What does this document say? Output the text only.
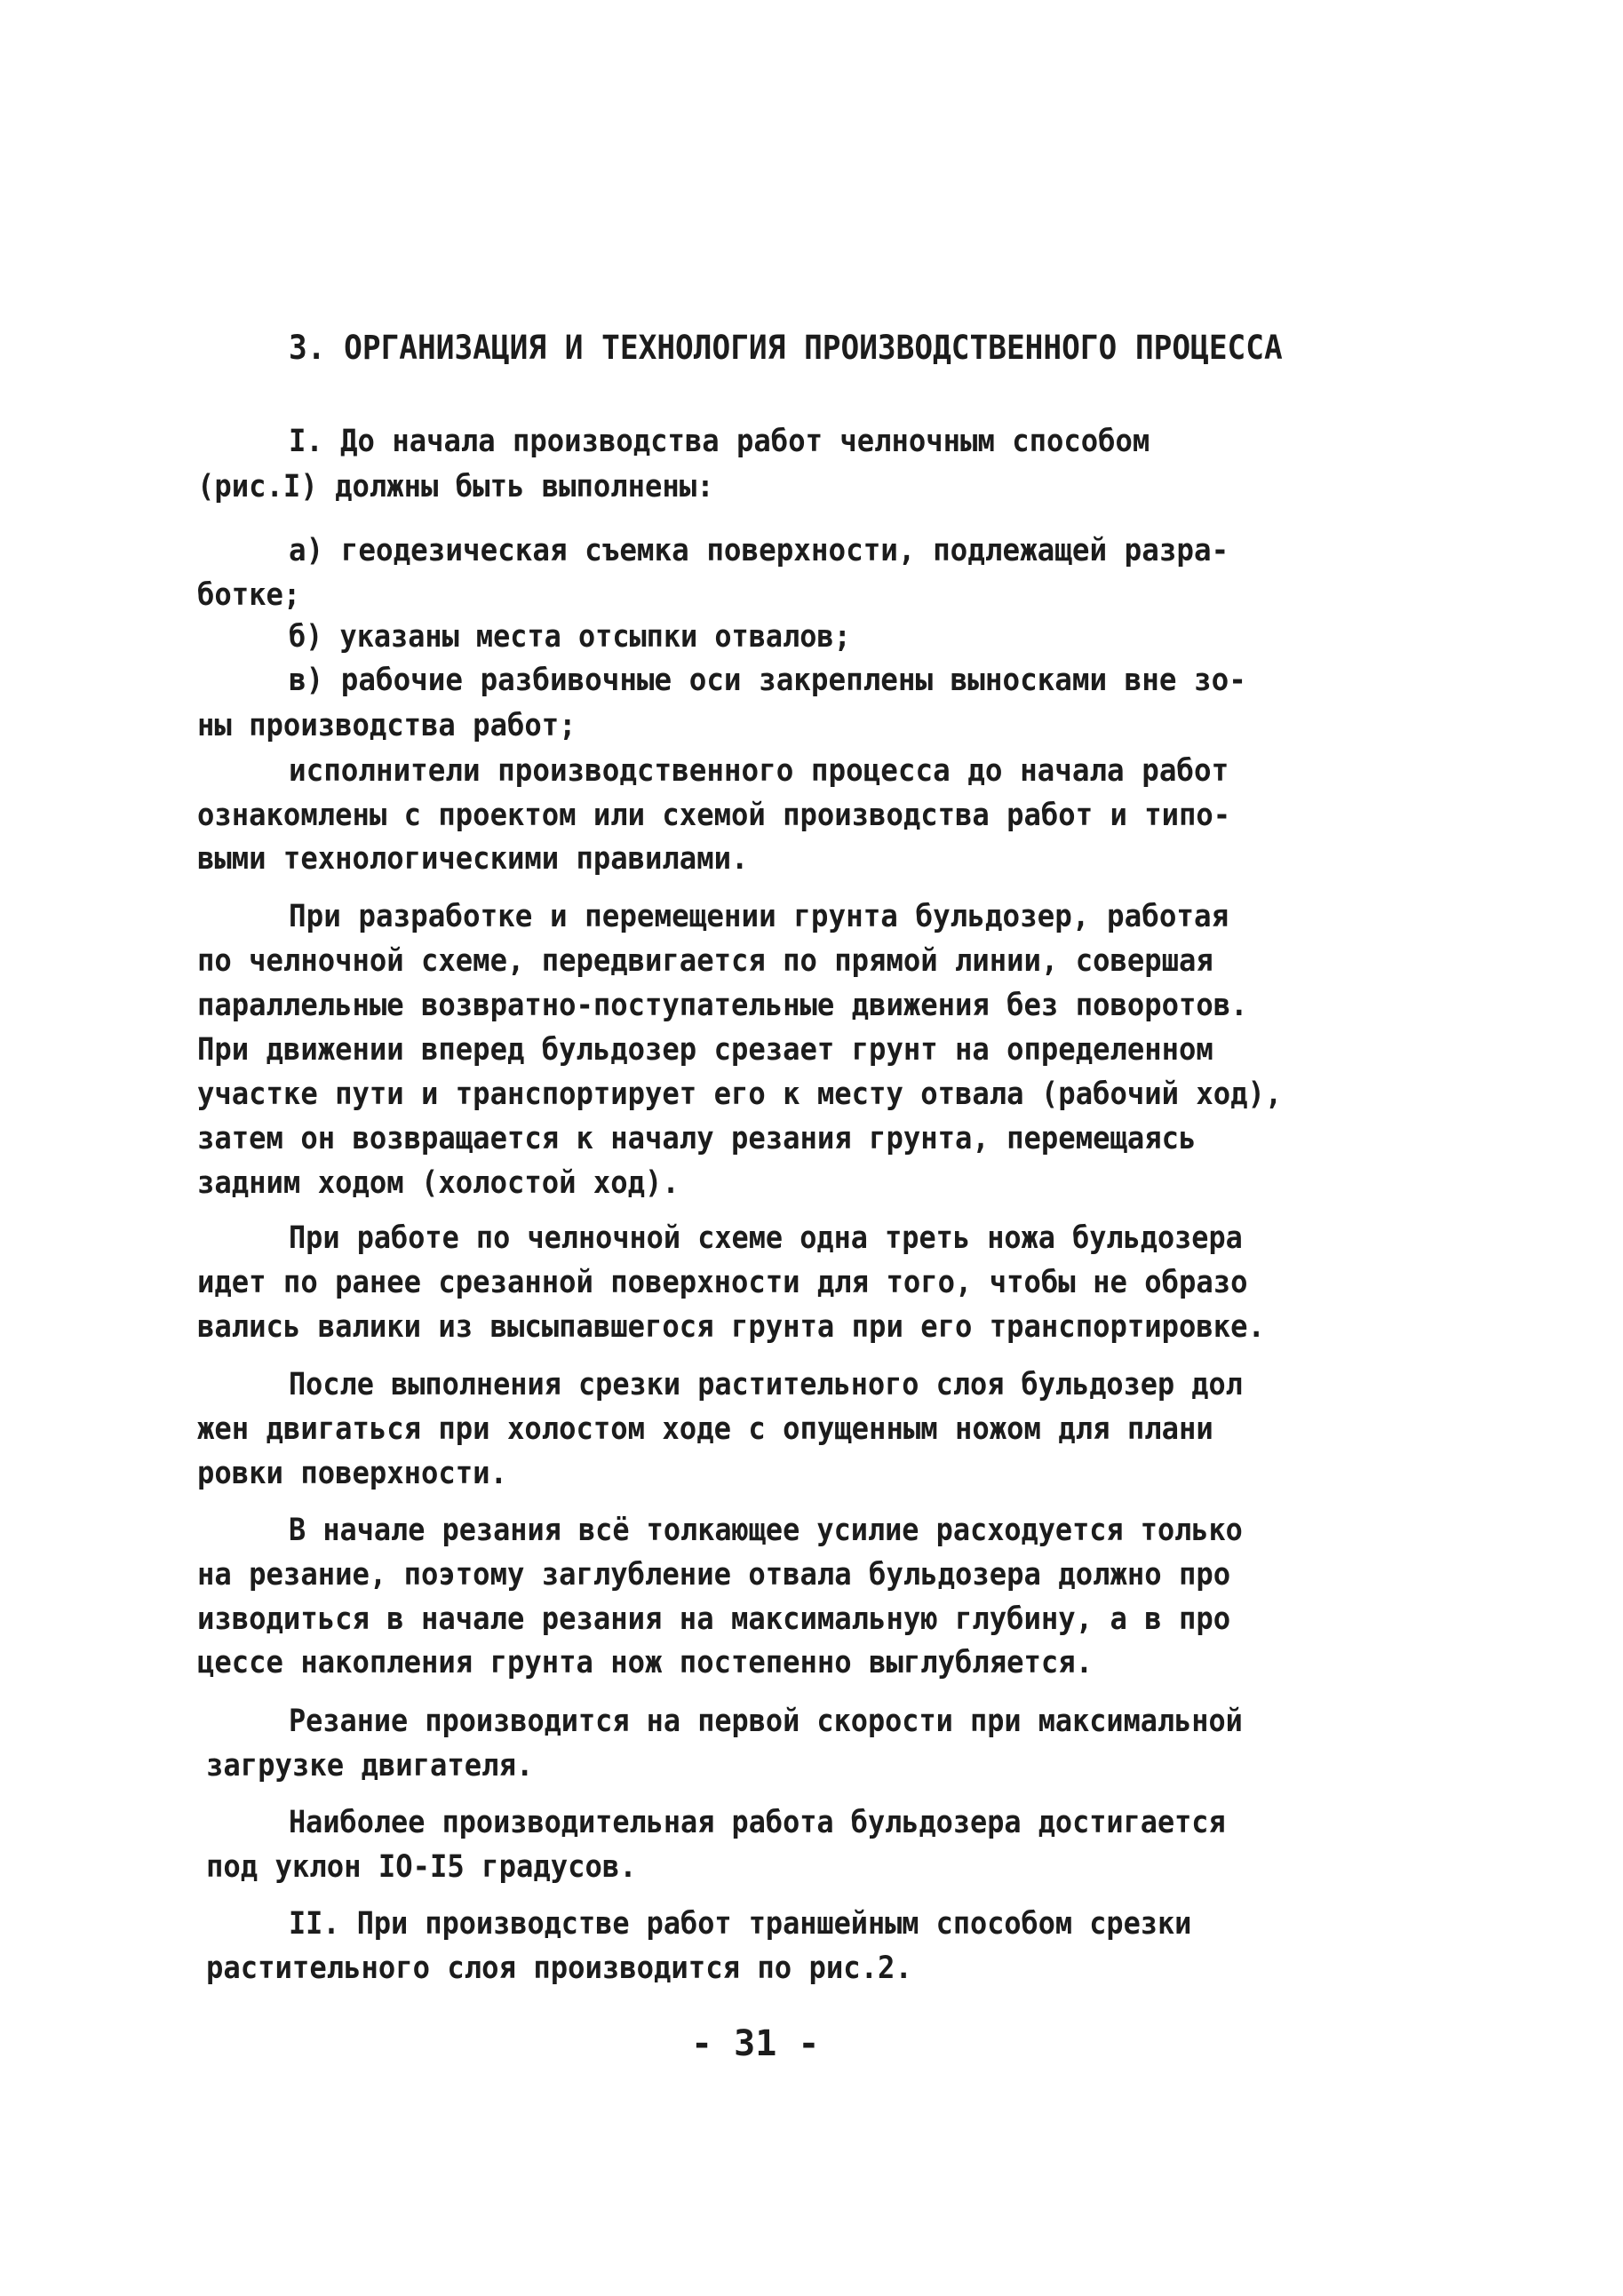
3. ОРГАНИЗАЦИЯ И ТЕХНОЛОГИЯ ПРОИЗВОДСТВЕННОГО ПРОЦЕССА
I. До начала производства работ челночным способом
(рис.I) должны быть выполнены:
а) геодезическая съемка поверхности, подлежащей разра-
ботке;
б) указаны места отсыпки отвалов;
в) рабочие разбивочные оси закреплены выносками вне зо-
ны производства работ;
исполнители производственного процесса до начала работ
ознакомлены с проектом или схемой производства работ и типо-
выми технологическими правилами.
При разработке и перемещении грунта бульдозер, работая
по челночной схеме, передвигается по прямой линии, совершая
параллельные возвратно-поступательные движения без поворотов.
При движении вперед бульдозер срезает грунт на определенном
участке пути и транспортирует его к месту отвала (рабочий ход),
затем он возвращается к началу резания грунта, перемещаясь
задним ходом (холостой ход).
При работе по челночной схеме одна треть ножа бульдозера
идет по ранее срезанной поверхности для того, чтобы не образо
вались валики из высыпавшегося грунта при его транспортировке.
После выполнения срезки растительного слоя бульдозер дол
жен двигаться при холостом ходе с опущенным ножом для плани
ровки поверхности.
В начале резания всё толкающее усилие расходуется только
на резание, поэтому заглубление отвала бульдозера должно про
изводиться в начале резания на максимальную глубину, а в про
цессе накопления грунта нож постепенно выглубляется.
Резание производится на первой скорости при максимальной
загрузке двигателя.
Наиболее производительная работа бульдозера достигается
под уклон IO-I5 градусов.
II. При производстве работ траншейным способом срезки
растительного слоя производится по рис.2.
- 31 -
